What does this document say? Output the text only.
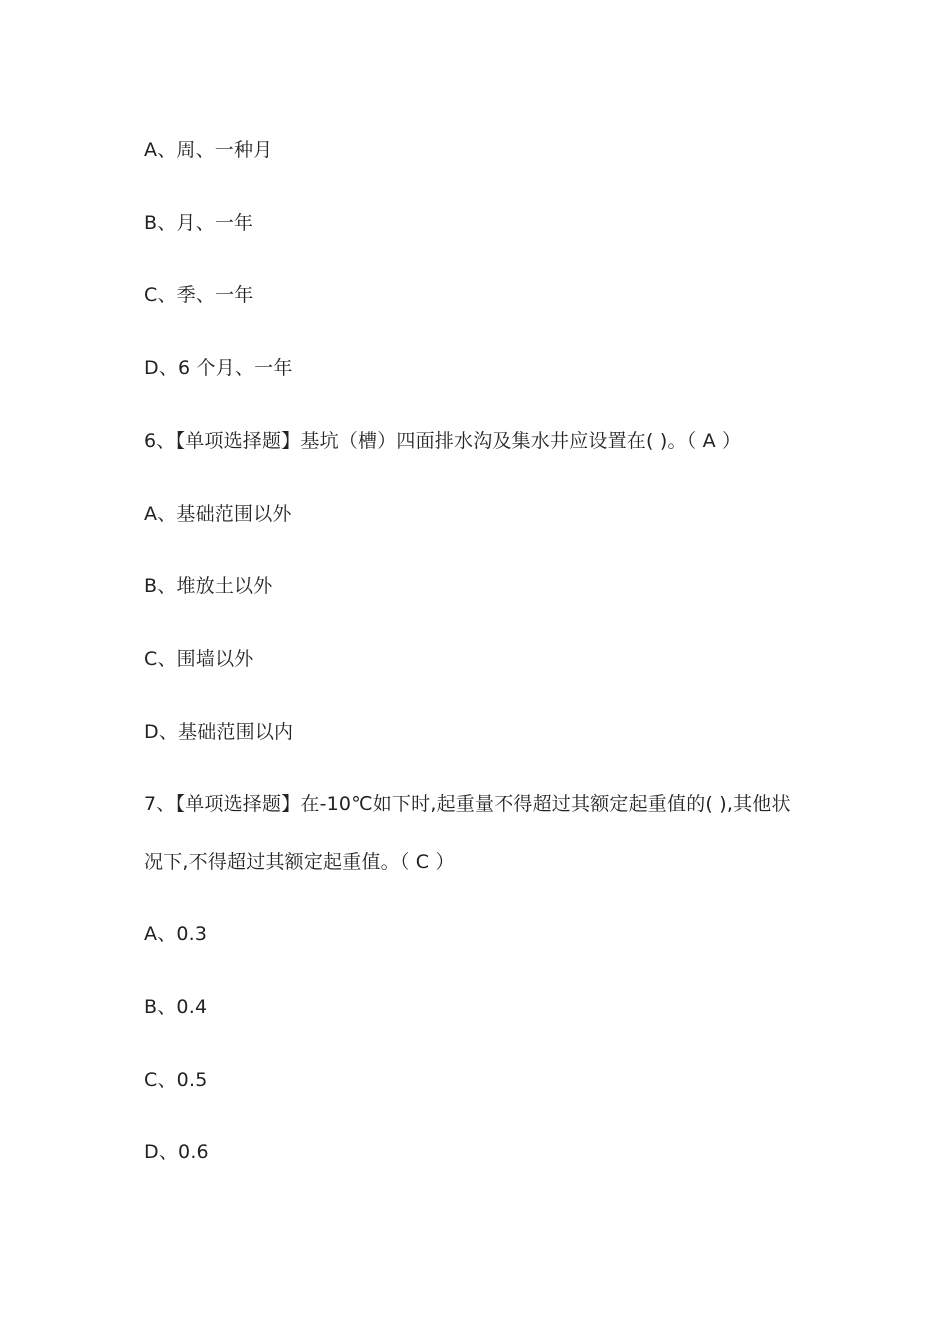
A、周、一种月
B、月、一年
C、季、一年
D、6 个月、一年
6、【单项选择题】基坑（槽）四面排水沟及集水井应设置在( )。（ A ）
A、基础范围以外
B、堆放土以外
C、围墙以外
D、基础范围以内
7、【单项选择题】在-10℃如下时,起重量不得超过其额定起重值的( ),其他状
况下,不得超过其额定起重值。（ C ）
A、0.3
B、0.4
C、0.5
D、0.6
